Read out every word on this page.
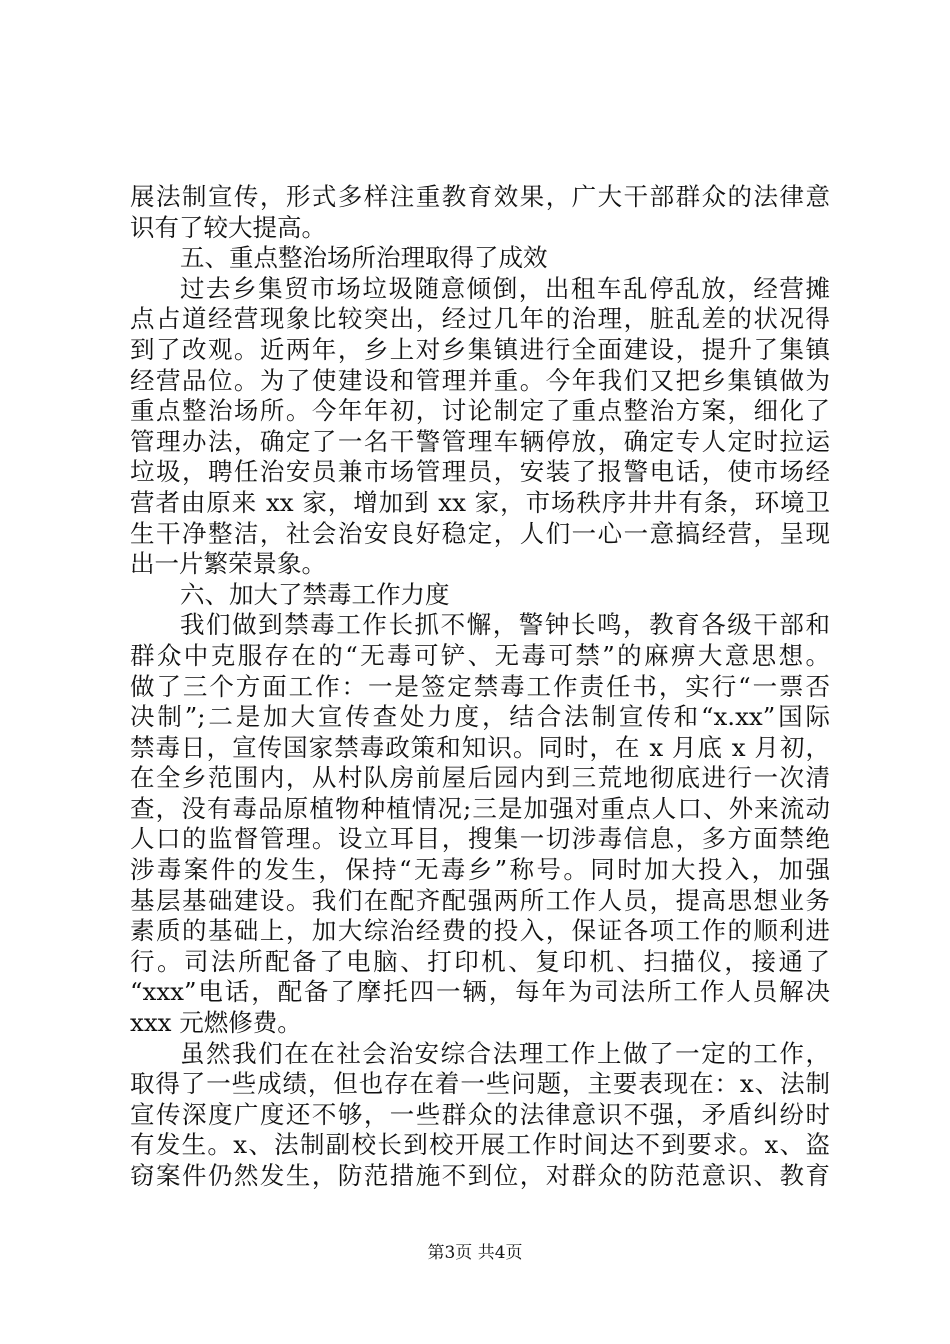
展法制宣传，形式多样注重教育效果，广大干部群众的法律意
识有了较大提高。
五、重点整治场所治理取得了成效
过去乡集贸市场垃圾随意倾倒，出租车乱停乱放，经营摊
点占道经营现象比较突出，经过几年的治理，脏乱差的状况得
到了改观。近两年，乡上对乡集镇进行全面建设，提升了集镇
经营品位。为了使建设和管理并重。今年我们又把乡集镇做为
重点整治场所。今年年初，讨论制定了重点整治方案，细化了
管理办法，确定了一名干警管理车辆停放，确定专人定时拉运
垃圾，聘任治安员兼市场管理员，安装了报警电话，使市场经
营者由原来 xx 家，增加到 xx 家，市场秩序井井有条，环境卫
生干净整洁，社会治安良好稳定，人们一心一意搞经营，呈现
出一片繁荣景象。
六、加大了禁毒工作力度
我们做到禁毒工作长抓不懈，警钟长鸣，教育各级干部和
群众中克服存在的“无毒可铲、无毒可禁”的麻痹大意思想。
做了三个方面工作：一是签定禁毒工作责任书，实行“一票否
决制”;二是加大宣传查处力度，结合法制宣传和“x.xx”国际
禁毒日，宣传国家禁毒政策和知识。同时，在 x 月底 x 月初，
在全乡范围内，从村队房前屋后园内到三荒地彻底进行一次清
查，没有毒品原植物种植情况;三是加强对重点人口、外来流动
人口的监督管理。设立耳目，搜集一切涉毒信息，多方面禁绝
涉毒案件的发生，保持“无毒乡”称号。同时加大投入，加强
基层基础建设。我们在配齐配强两所工作人员，提高思想业务
素质的基础上，加大综治经费的投入，保证各项工作的顺利进
行。司法所配备了电脑、打印机、复印机、扫描仪，接通了
“xxx”电话，配备了摩托四一辆，每年为司法所工作人员解决
xxx 元燃修费。
虽然我们在在社会治安综合法理工作上做了一定的工作，
取得了一些成绩，但也存在着一些问题，主要表现在：x、法制
宣传深度广度还不够，一些群众的法律意识不强，矛盾纠纷时
有发生。x、法制副校长到校开展工作时间达不到要求。x、盗
窃案件仍然发生，防范措施不到位，对群众的防范意识、教育
第3页 共4页
